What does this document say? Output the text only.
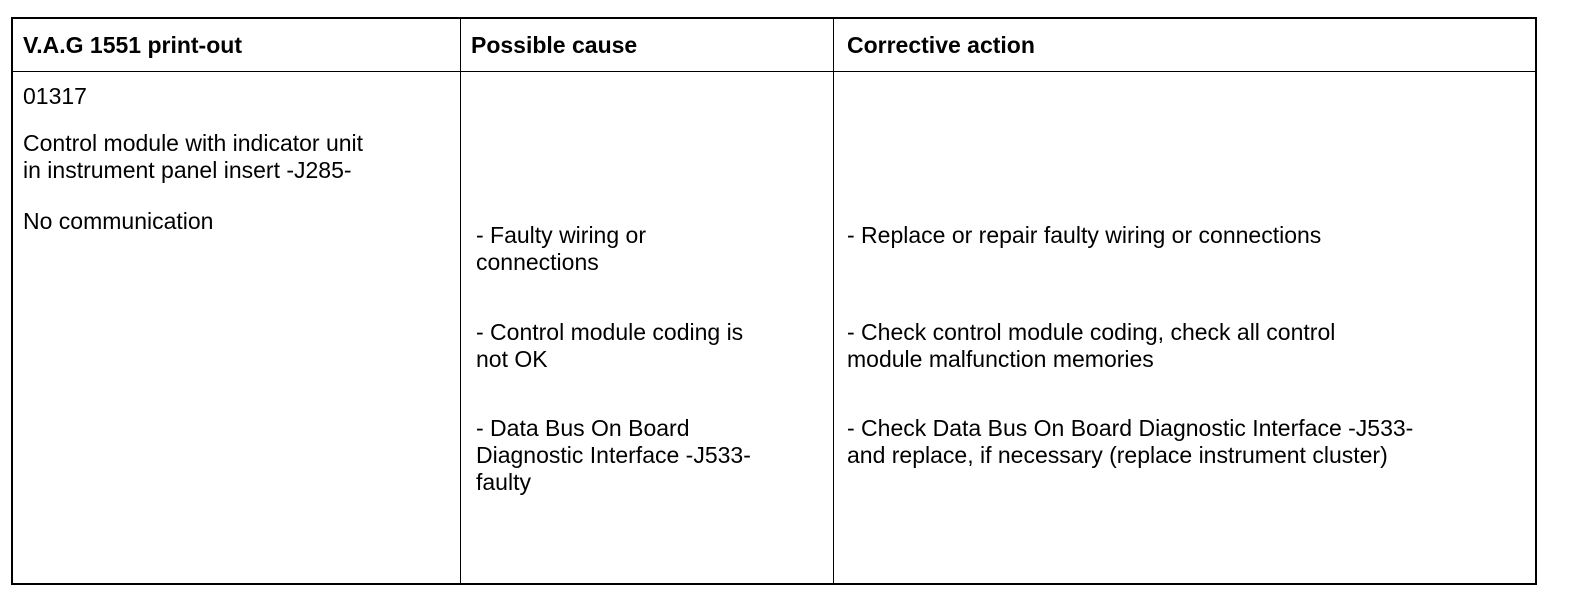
V.A.G 1551 print-out	Possible cause	Corrective action
01317
Control module with indicator unit
in instrument panel insert -J285-
No communication
- Faulty wiring or
connections
- Control module coding is
not OK
- Data Bus On Board
Diagnostic Interface -J533-
faulty
- Replace or repair faulty wiring or connections
- Check control module coding, check all control
module malfunction memories
- Check Data Bus On Board Diagnostic Interface -J533-
and replace, if necessary (replace instrument cluster)
